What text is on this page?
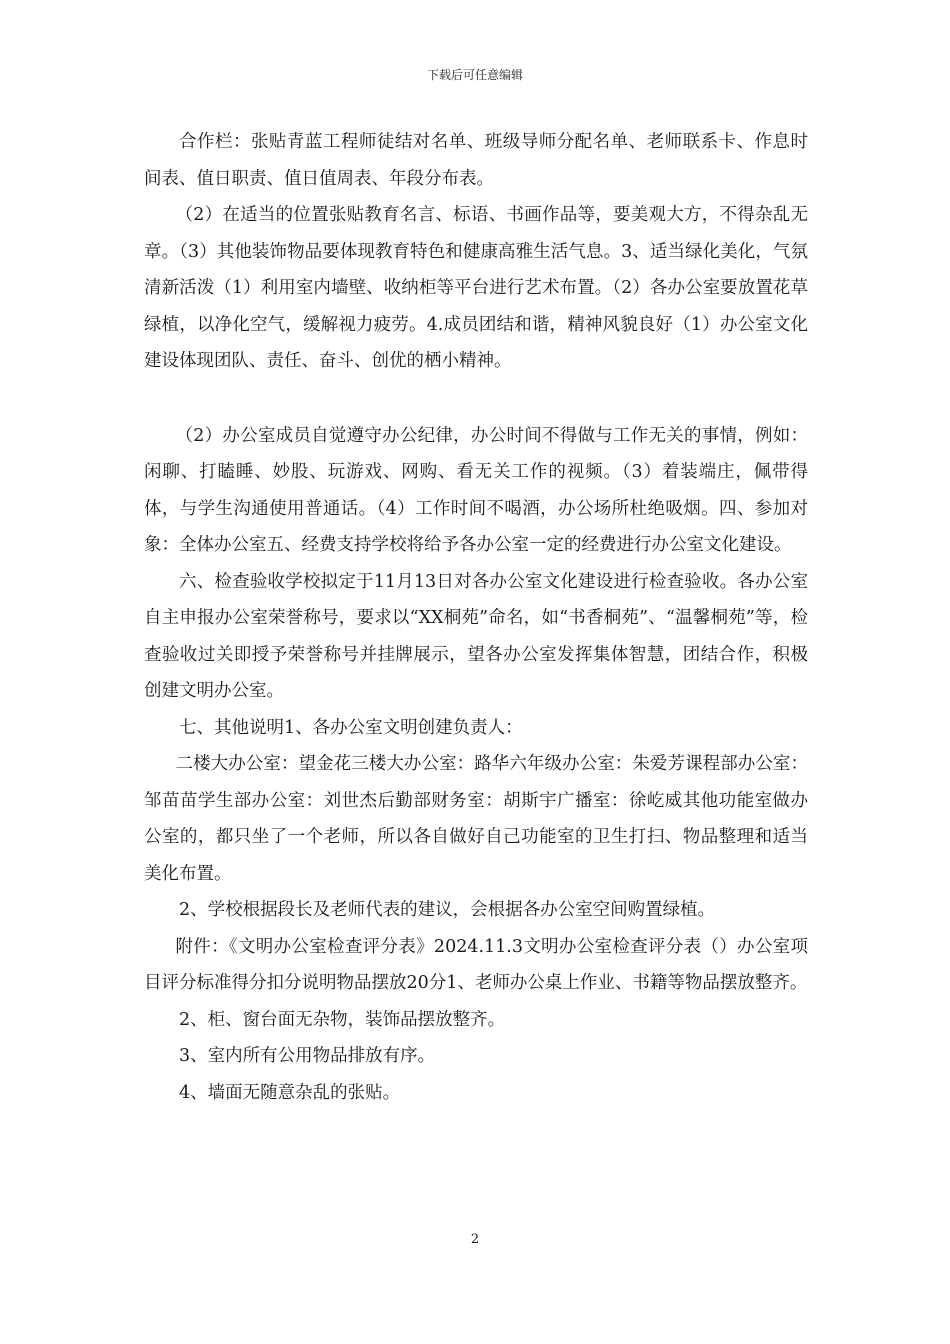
下载后可任意编辑

合作栏：张贴青蓝工程师徒结对名单、班级导师分配名单、老师联系卡、作息时间表、值日职责、值日值周表、年段分布表。

（2）在适当的位置张贴教育名言、标语、书画作品等，要美观大方，不得杂乱无章。（3）其他装饰物品要体现教育特色和健康高雅生活气息。3、适当绿化美化，气氛清新活泼（1）利用室内墙壁、收纳柜等平台进行艺术布置。（2）各办公室要放置花草绿植，以净化空气，缓解视力疲劳。4.成员团结和谐，精神风貌良好（1）办公室文化建设体现团队、责任、奋斗、创优的栖小精神。

（2）办公室成员自觉遵守办公纪律，办公时间不得做与工作无关的事情，例如：闲聊、打瞌睡、妙股、玩游戏、网购、看无关工作的视频。（3）着装端庄，佩带得体，与学生沟通使用普通话。（4）工作时间不喝酒，办公场所杜绝吸烟。四、参加对象：全体办公室五、经费支持学校将给予各办公室一定的经费进行办公室文化建设。

六、检查验收学校拟定于11月13日对各办公室文化建设进行检查验收。各办公室自主申报办公室荣誉称号，要求以“XX桐苑”命名，如“书香桐苑”、“温馨桐苑”等，检查验收过关即授予荣誉称号并挂牌展示，望各办公室发挥集体智慧，团结合作，积极创建文明办公室。

七、其他说明1、各办公室文明创建负责人：

二楼大办公室：望金花三楼大办公室：路华六年级办公室：朱爱芳课程部办公室：邹苗苗学生部办公室：刘世杰后勤部财务室：胡斯宇广播室：徐屹威其他功能室做办公室的，都只坐了一个老师，所以各自做好自己功能室的卫生打扫、物品整理和适当美化布置。

2、学校根据段长及老师代表的建议，会根据各办公室空间购置绿植。

附件：《文明办公室检查评分表》2024.11.3文明办公室检查评分表（）办公室项目评分标准得分扣分说明物品摆放20分1、老师办公桌上作业、书籍等物品摆放整齐。

2、柜、窗台面无杂物，装饰品摆放整齐。

3、室内所有公用物品排放有序。

4、墙面无随意杂乱的张贴。

2
